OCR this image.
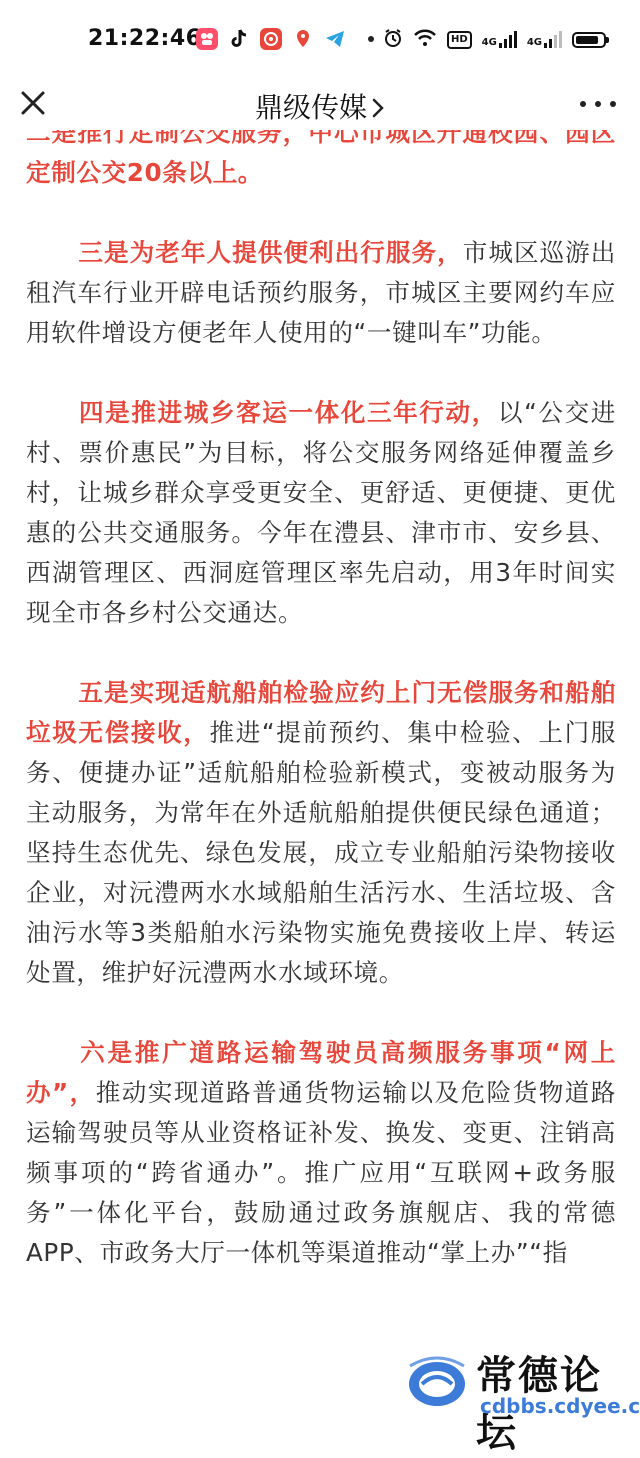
21:22:46	HD	4G	4G
鼎级传媒

二是推行定制公交服务，中心市城区开通校园、园区定制公交20条以上。

三是为老年人提供便利出行服务，市城区巡游出租汽车行业开辟电话预约服务，市城区主要网约车应用软件增设方便老年人使用的“一键叫车”功能。

四是推进城乡客运一体化三年行动，以“公交进村、票价惠民”为目标，将公交服务网络延伸覆盖乡村，让城乡群众享受更安全、更舒适、更便捷、更优惠的公共交通服务。今年在澧县、津市市、安乡县、西湖管理区、西洞庭管理区率先启动，用3年时间实现全市各乡村公交通达。

五是实现适航船舶检验应约上门无偿服务和船舶垃圾无偿接收，推进“提前预约、集中检验、上门服务、便捷办证”适航船舶检验新模式，变被动服务为主动服务，为常年在外适航船舶提供便民绿色通道；坚持生态优先、绿色发展，成立专业船舶污染物接收企业，对沅澧两水水域船舶生活污水、生活垃圾、含油污水等3类船舶水污染物实施免费接收上岸、转运处置，维护好沅澧两水水域环境。

六是推广道路运输驾驶员高频服务事项“网上办”，推动实现道路普通货物运输以及危险货物道路运输驾驶员等从业资格证补发、换发、变更、注销高频事项的“跨省通办”。推广应用“互联网+政务服务”一体化平台，鼓励通过政务旗舰店、我的常德APP、市政务大厅一体机等渠道推动“掌上办”“指

常德论
cdbbs.cdyee.c
